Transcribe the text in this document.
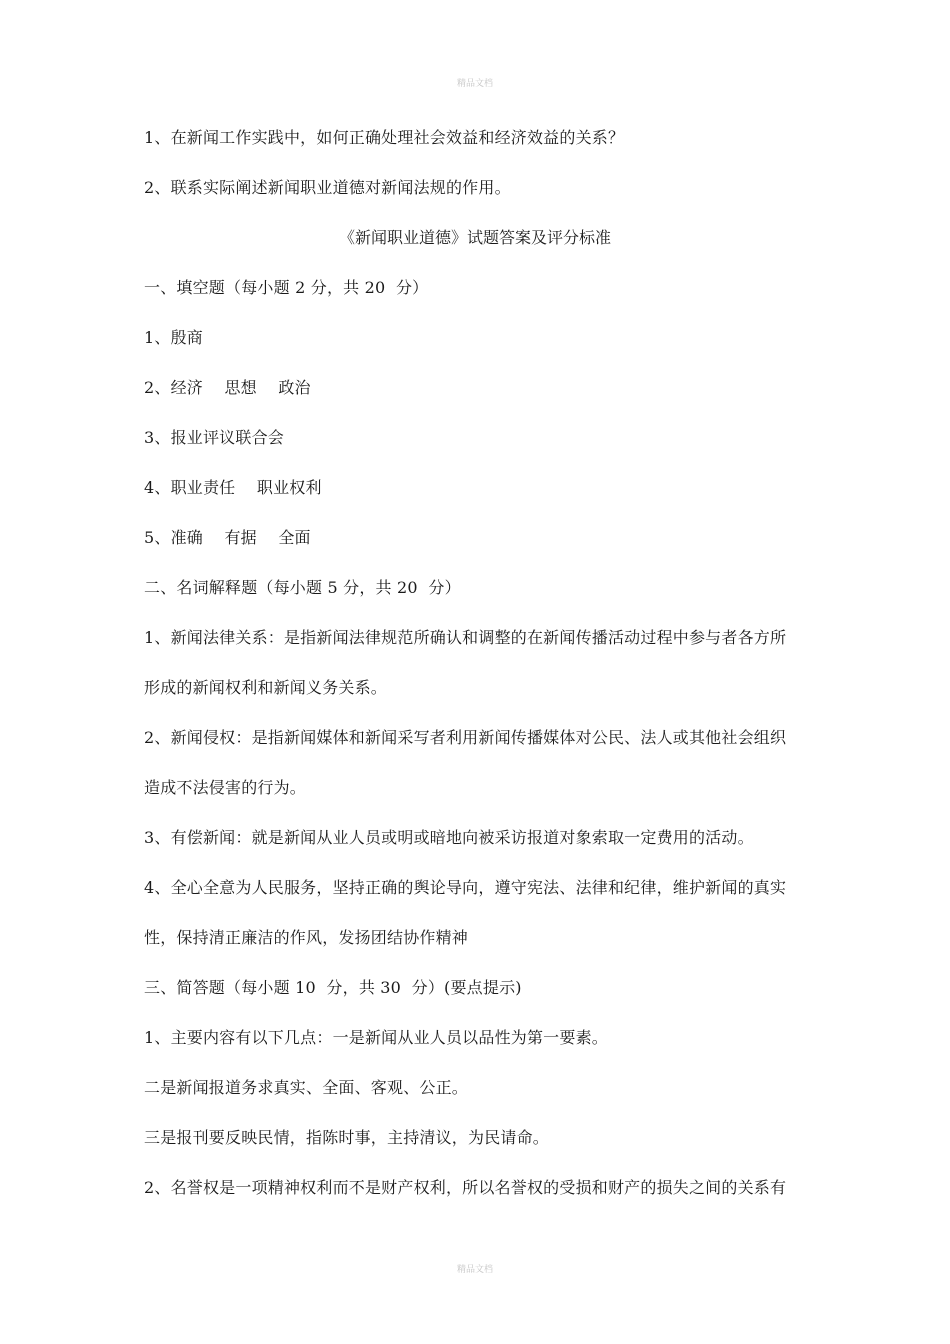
精品文档
1、在新闻工作实践中，如何正确处理社会效益和经济效益的关系？
2、联系实际阐述新闻职业道德对新闻法规的作用。
《新闻职业道德》试题答案及评分标准
一、填空题（每小题 2 分，共 20  分）
1、殷商
2、经济　 思想　 政治
3、报业评议联合会
4、职业责任　 职业权利
5、准确　 有据　 全面
二、名词解释题（每小题 5 分，共 20  分）
1、新闻法律关系：是指新闻法律规范所确认和调整的在新闻传播活动过程中参与者各方所
形成的新闻权利和新闻义务关系。
2、新闻侵权：是指新闻媒体和新闻采写者利用新闻传播媒体对公民、法人或其他社会组织
造成不法侵害的行为。
3、有偿新闻：就是新闻从业人员或明或暗地向被采访报道对象索取一定费用的活动。
4、全心全意为人民服务，坚持正确的舆论导向，遵守宪法、法律和纪律，维护新闻的真实
性，保持清正廉洁的作风，发扬团结协作精神
三、简答题（每小题 10  分，共 30  分）(要点提示)
1、主要内容有以下几点：一是新闻从业人员以品性为第一要素。
二是新闻报道务求真实、全面、客观、公正。
三是报刊要反映民情，指陈时事，主持清议，为民请命。
2、名誉权是一项精神权利而不是财产权利，所以名誉权的受损和财产的损失之间的关系有
精品文档
